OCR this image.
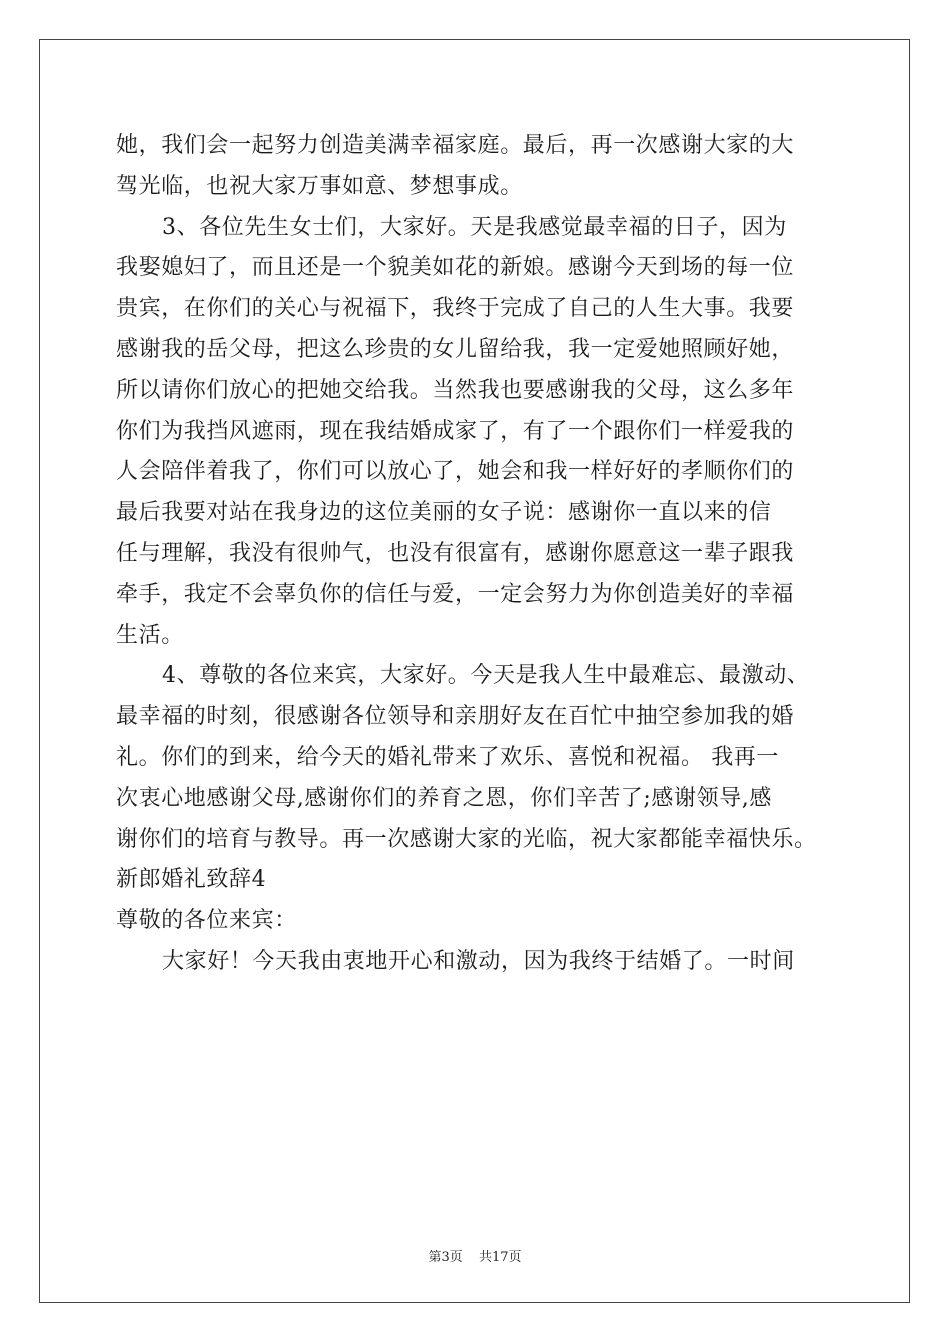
她，我们会一起努力创造美满幸福家庭。最后，再一次感谢大家的大
驾光临，也祝大家万事如意、梦想事成。
3、各位先生女士们，大家好。天是我感觉最幸福的日子，因为
我娶媳妇了，而且还是一个貌美如花的新娘。感谢今天到场的每一位
贵宾，在你们的关心与祝福下，我终于完成了自己的人生大事。我要
感谢我的岳父母，把这么珍贵的女儿留给我，我一定爱她照顾好她，
所以请你们放心的把她交给我。当然我也要感谢我的父母，这么多年
你们为我挡风遮雨，现在我结婚成家了，有了一个跟你们一样爱我的
人会陪伴着我了，你们可以放心了，她会和我一样好好的孝顺你们的
最后我要对站在我身边的这位美丽的女子说：感谢你一直以来的信
任与理解，我没有很帅气，也没有很富有，感谢你愿意这一辈子跟我
牵手，我定不会辜负你的信任与爱，一定会努力为你创造美好的幸福
生活。
4、尊敬的各位来宾，大家好。今天是我人生中最难忘、最激动、
最幸福的时刻，很感谢各位领导和亲朋好友在百忙中抽空参加我的婚
礼。你们的到来，给今天的婚礼带来了欢乐、喜悦和祝福。 我再一
次衷心地感谢父母,感谢你们的养育之恩，你们辛苦了;感谢领导,感
谢你们的培育与教导。再一次感谢大家的光临，祝大家都能幸福快乐。
新郎婚礼致辞4
尊敬的各位来宾：
大家好！今天我由衷地开心和激动，因为我终于结婚了。一时间
第3页 共17页
